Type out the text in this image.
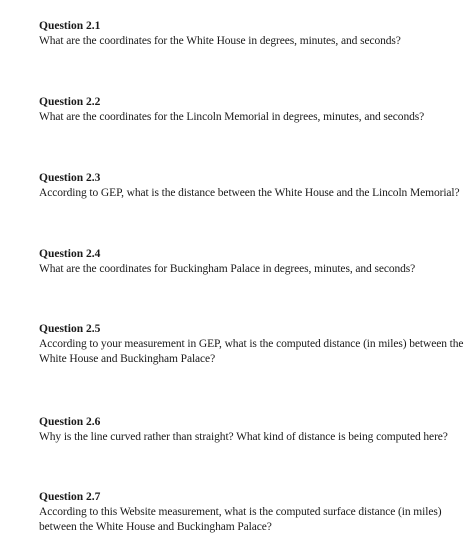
Question 2.1
What are the coordinates for the White House in degrees, minutes, and seconds?
Question 2.2
What are the coordinates for the Lincoln Memorial in degrees, minutes, and seconds?
Question 2.3
According to GEP, what is the distance between the White House and the Lincoln Memorial?
Question 2.4
What are the coordinates for Buckingham Palace in degrees, minutes, and seconds?
Question 2.5
According to your measurement in GEP, what is the computed distance (in miles) between the White House and Buckingham Palace?
Question 2.6
Why is the line curved rather than straight? What kind of distance is being computed here?
Question 2.7
According to this Website measurement, what is the computed surface distance (in miles) between the White House and Buckingham Palace?
